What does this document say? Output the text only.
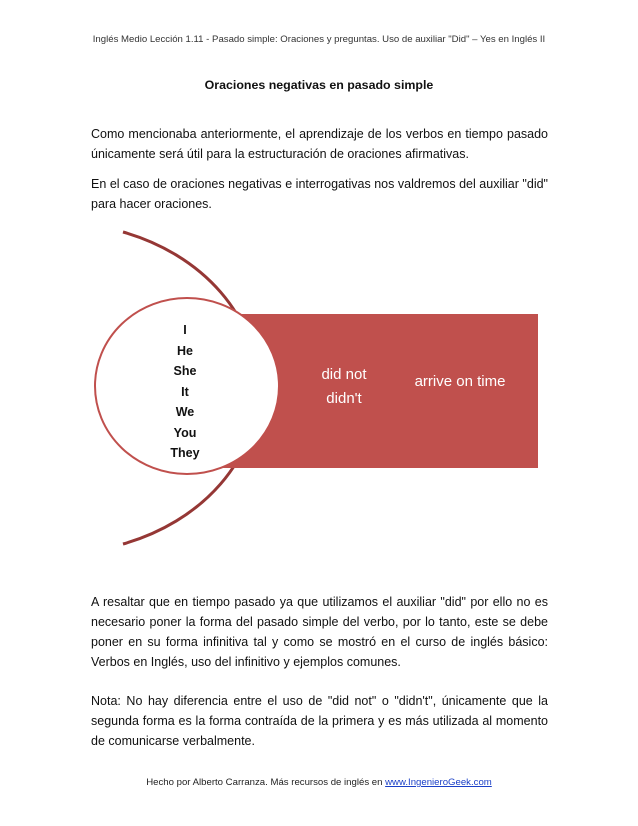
Inglés Medio Lección 1.11 - Pasado simple: Oraciones y preguntas. Uso de auxiliar "Did" – Yes en Inglés II
Oraciones negativas en pasado simple

Como mencionaba anteriormente, el aprendizaje de los verbos en tiempo pasado únicamente será útil para la estructuración de oraciones afirmativas.

En el caso de oraciones negativas e interrogativas nos valdremos del auxiliar "did" para hacer oraciones.

I
He
She
It
We
You
They
did not
didn't
arrive on time

A resaltar que en tiempo pasado ya que utilizamos el auxiliar "did" por ello no es necesario poner la forma del pasado simple del verbo, por lo tanto, este se debe poner en su forma infinitiva tal y como se mostró en el curso de inglés básico: Verbos en Inglés, uso del infinitivo y ejemplos comunes.

Nota: No hay diferencia entre el uso de "did not" o "didn't", únicamente que la segunda forma es la forma contraída de la primera y es más utilizada al momento de comunicarse verbalmente.

Hecho por Alberto Carranza. Más recursos de inglés en www.IngenieroGeek.com
